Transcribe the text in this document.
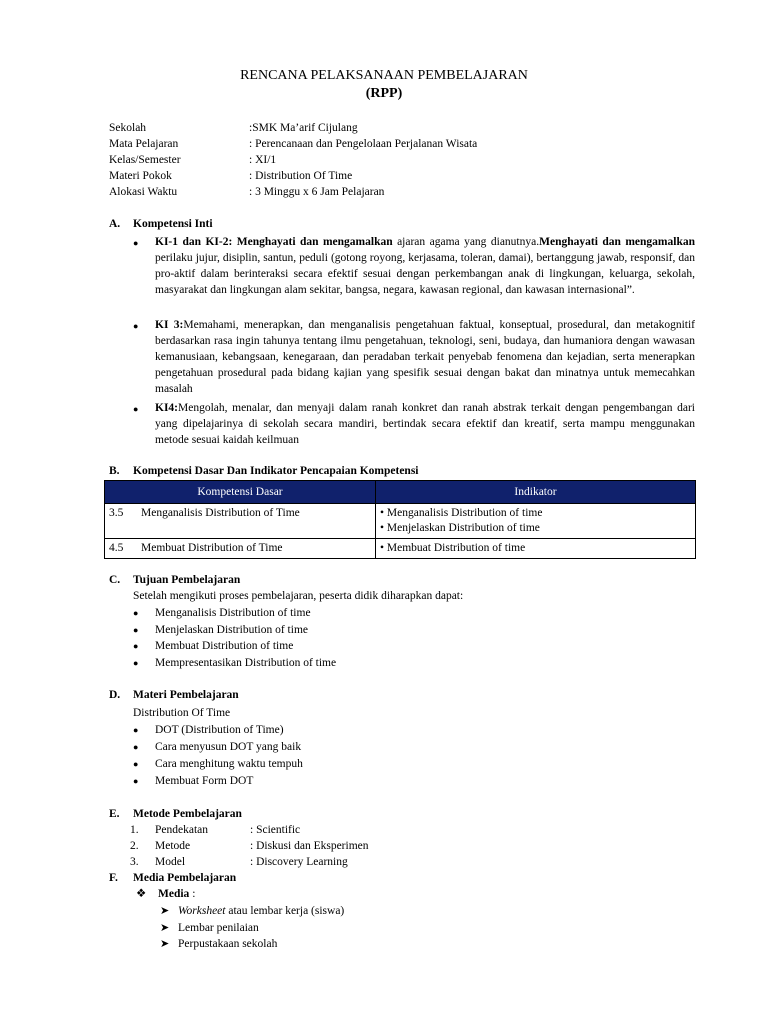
RENCANA PELAKSANAAN PEMBELAJARAN
(RPP)
Sekolah	:SMK Ma’arif Cijulang
Mata Pelajaran	: Perencanaan dan Pengelolaan Perjalanan Wisata
Kelas/Semester	: XI/1
Materi Pokok	: Distribution Of Time
Alokasi Waktu	: 3 Minggu x 6 Jam Pelajaran
A. Kompetensi Inti
● KI-1 dan KI-2: Menghayati dan mengamalkan ajaran agama yang dianutnya.Menghayati dan mengamalkan perilaku jujur, disiplin, santun, peduli (gotong royong, kerjasama, toleran, damai), bertanggung jawab, responsif, dan pro-aktif dalam berinteraksi secara efektif sesuai dengan perkembangan anak di lingkungan, keluarga, sekolah, masyarakat dan lingkungan alam sekitar, bangsa, negara, kawasan regional, dan kawasan internasional”.
● KI 3:Memahami, menerapkan, dan menganalisis pengetahuan faktual, konseptual, prosedural, dan metakognitif berdasarkan rasa ingin tahunya tentang ilmu pengetahuan, teknologi, seni, budaya, dan humaniora dengan wawasan kemanusiaan, kebangsaan, kenegaraan, dan peradaban terkait penyebab fenomena dan kejadian, serta menerapkan pengetahuan prosedural pada bidang kajian yang spesifik sesuai dengan bakat dan minatnya untuk memecahkan masalah
● KI4:Mengolah, menalar, dan menyaji dalam ranah konkret dan ranah abstrak terkait dengan pengembangan dari yang dipelajarinya di sekolah secara mandiri, bertindak secara efektif dan kreatif, serta mampu menggunakan metode sesuai kaidah keilmuan
B. Kompetensi Dasar Dan Indikator Pencapaian Kompetensi
Kompetensi Dasar	Indikator
3.5 Menganalisis Distribution of Time	• Menganalisis Distribution of time
• Menjelaskan Distribution of time

4.5 Membuat Distribution of Time	• Membuat Distribution of time
C. Tujuan Pembelajaran
Setelah mengikuti proses pembelajaran, peserta didik diharapkan dapat:
● Menganalisis Distribution of time
● Menjelaskan Distribution of time
● Membuat Distribution of time
● Mempresentasikan Distribution of time
D. Materi Pembelajaran
Distribution Of Time
● DOT (Distribution of Time)
● Cara menyusun DOT yang baik
● Cara menghitung waktu tempuh
● Membuat Form DOT
E. Metode Pembelajaran
1. Pendekatan	: Scientific
2. Metode	: Diskusi dan Eksperimen
3. Model	: Discovery Learning
F. Media Pembelajaran
❖ Media :
➤ Worksheet atau lembar kerja (siswa)
➤ Lembar penilaian
➤ Perpustakaan sekolah
